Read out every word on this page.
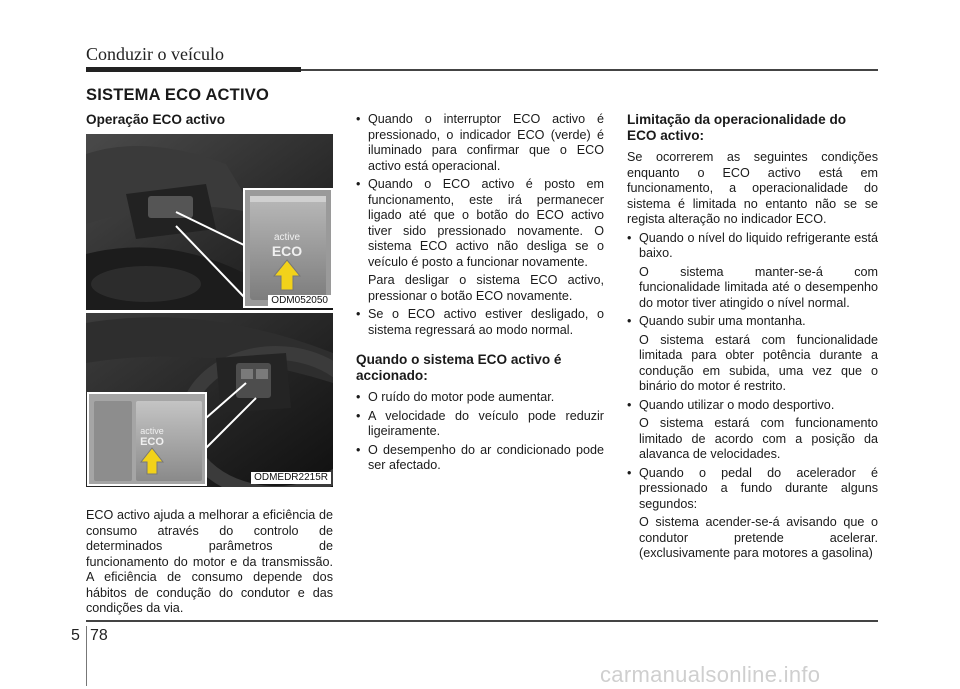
Conduzir o veículo
SISTEMA ECO ACTIVO
Operação ECO activo
active
ECO
ODM052050
active
ECO
ODMEDR2215R

ECO activo ajuda a melhorar a eficiência de consumo através do controlo de determinados parâmetros de funcionamento do motor e da transmissão. A eficiência de consumo depende dos hábitos de condução do condutor e das condições da via.

• Quando o interruptor ECO activo é pressionado, o indicador ECO (verde) é iluminado para confirmar que o ECO activo está operacional.
• Quando o ECO activo é posto em funcionamento, este irá permanecer ligado até que o botão do ECO activo tiver sido pressionado novamente. O sistema ECO activo não desliga se o veículo é posto a funcionar novamente.
Para desligar o sistema ECO activo, pressionar o botão ECO novamente.
• Se o ECO activo estiver desligado, o sistema regressará ao modo normal.
Quando o sistema ECO activo é accionado:
• O ruído do motor pode aumentar.
• A velocidade do veículo pode reduzir ligeiramente.
• O desempenho do ar condicionado pode ser afectado.
Limitação da operacionalidade do ECO activo:

Se ocorrerem as seguintes condições enquanto o ECO activo está em funcionamento, a operacionalidade do sistema é limitada no entanto não se se regista alteração no indicador ECO.

• Quando o nível do liquido refrigerante está baixo.
O sistema manter-se-á com funcionalidade limitada até o desempenho do motor tiver atingido o nível normal.
• Quando subir uma montanha.
O sistema estará com funcionalidade limitada para obter potência durante a condução em subida, uma vez que o binário do motor é restrito.
• Quando utilizar o modo desportivo.
O sistema estará com funcionamento limitado de acordo com a posição da alavanca de velocidades.
• Quando o pedal do acelerador é pressionado a fundo durante alguns segundos:
O sistema acender-se-á avisando que o condutor pretende acelerar. (exclusivamente para motores a gasolina)
5 78
carmanualsonline.info
